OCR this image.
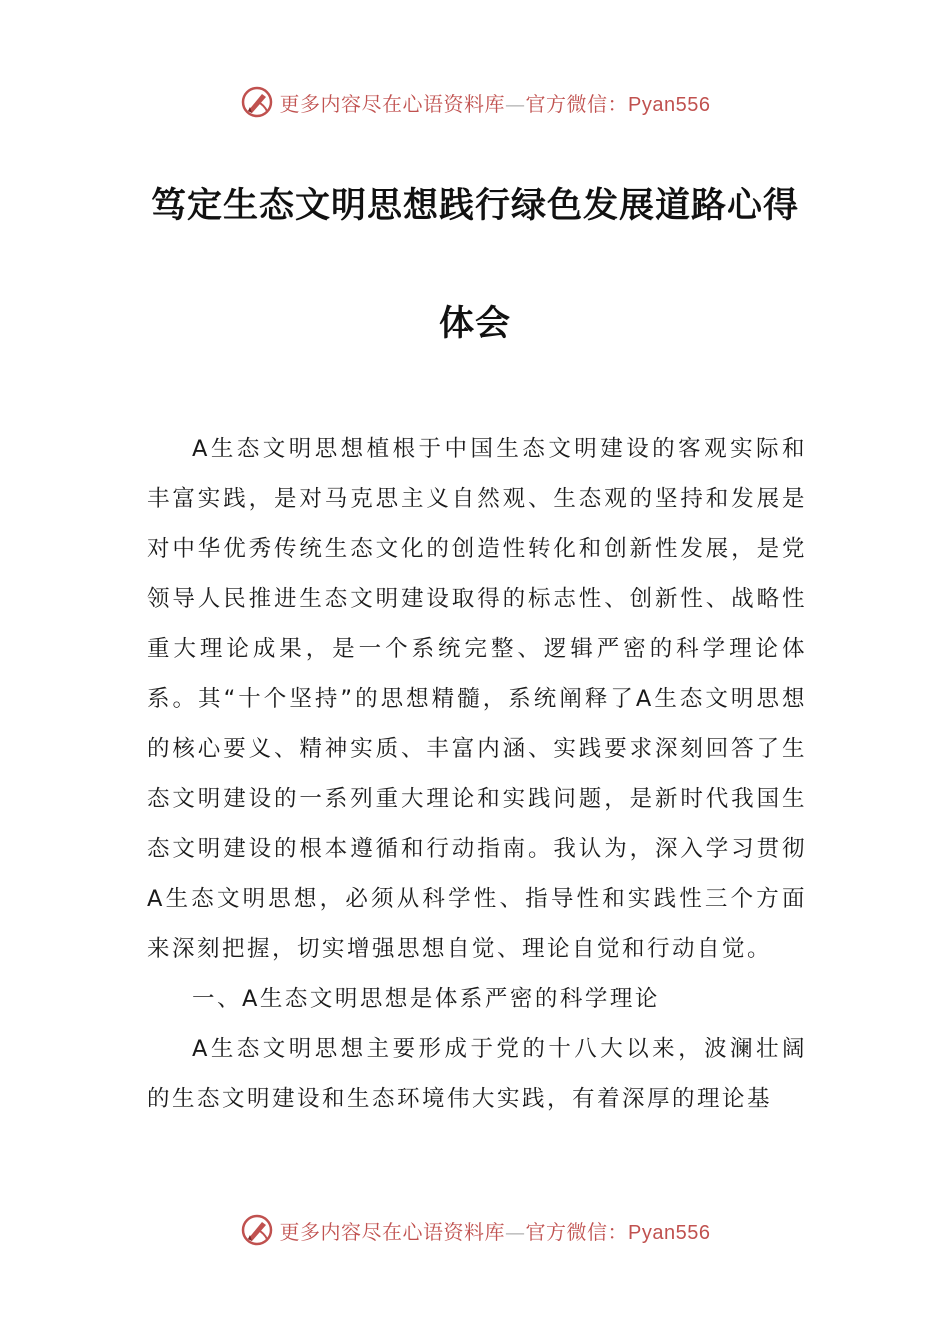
更多内容尽在心语资料库—官方微信：Pyan556
笃定生态文明思想践行绿色发展道路心得
体会

A生态文明思想植根于中国生态文明建设的客观实际和丰富实践，是对马克思主义自然观、生态观的坚持和发展是对中华优秀传统生态文化的创造性转化和创新性发展，是党领导人民推进生态文明建设取得的标志性、创新性、战略性重大理论成果，是一个系统完整、逻辑严密的科学理论体系。其“十个坚持”的思想精髓，系统阐释了A生态文明思想的核心要义、精神实质、丰富内涵、实践要求深刻回答了生态文明建设的一系列重大理论和实践问题，是新时代我国生态文明建设的根本遵循和行动指南。我认为，深入学习贯彻A生态文明思想，必须从科学性、指导性和实践性三个方面来深刻把握，切实增强思想自觉、理论自觉和行动自觉。

一、A生态文明思想是体系严密的科学理论

A生态文明思想主要形成于党的十八大以来，波澜壮阔的生态文明建设和生态环境伟大实践，有着深厚的理论基

更多内容尽在心语资料库—官方微信：Pyan556
